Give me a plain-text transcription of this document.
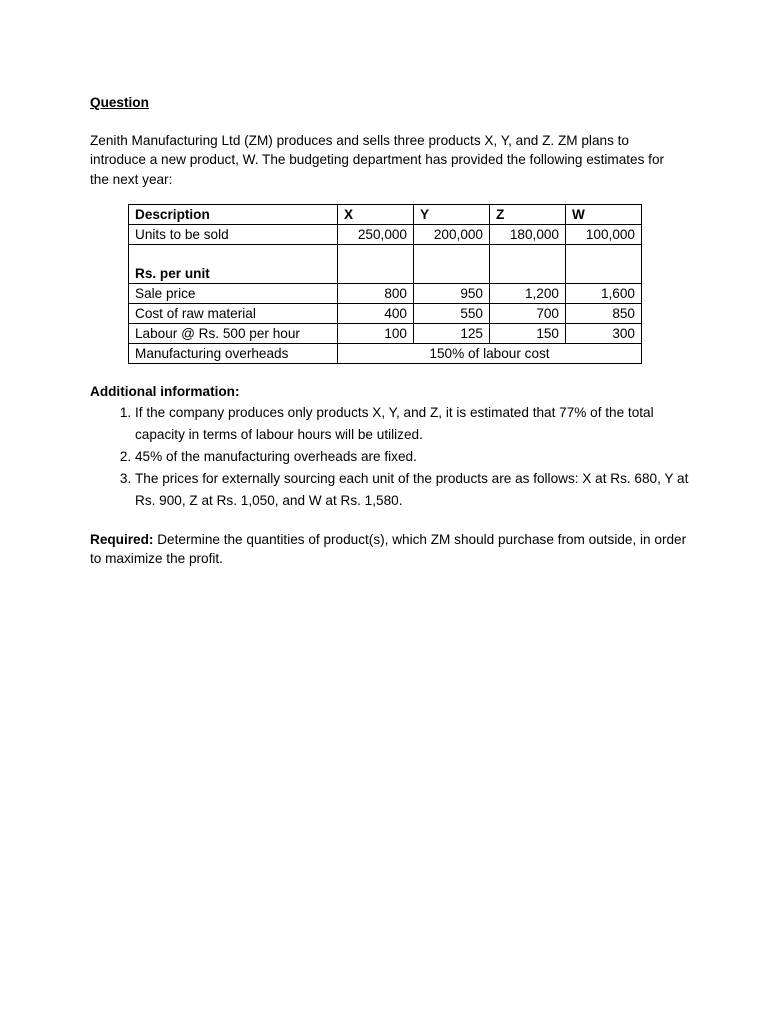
Question

Zenith Manufacturing Ltd (ZM) produces and sells three products X, Y, and Z. ZM plans to introduce a new product, W. The budgeting department has provided the following estimates for the next year:

Description	X	Y	Z	W
Units to be sold	250,000	200,000	180,000	100,000

Rs. per unit				
Sale price	800	950	1,200	1,600
Cost of raw material	400	550	700	850
Labour @ Rs. 500 per hour	100	125	150	300
Manufacturing overheads	150% of labour cost			

Additional information:

1. If the company produces only products X, Y, and Z, it is estimated that 77% of the total capacity in terms of labour hours will be utilized.
2. 45% of the manufacturing overheads are fixed.
3. The prices for externally sourcing each unit of the products are as follows: X at Rs. 680, Y at Rs. 900, Z at Rs. 1,050, and W at Rs. 1,580.

Required: Determine the quantities of product(s), which ZM should purchase from outside, in order to maximize the profit.
